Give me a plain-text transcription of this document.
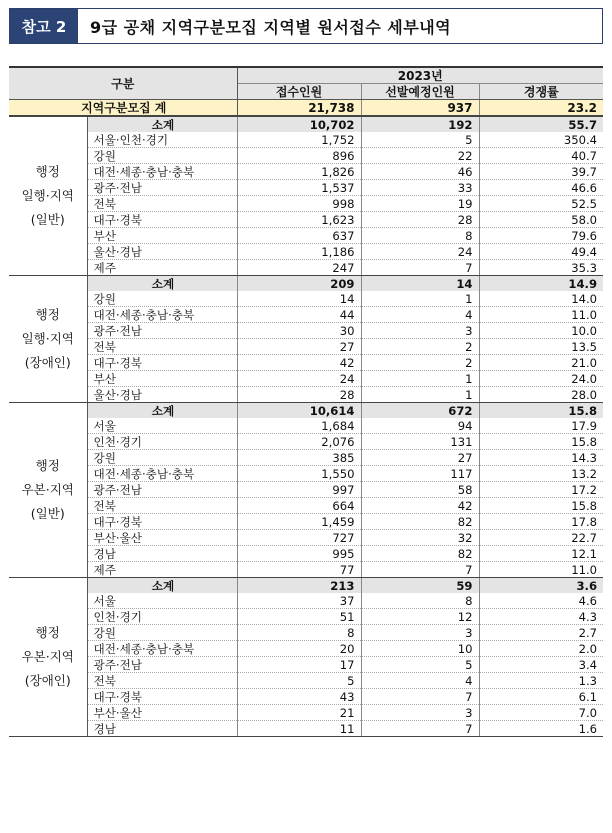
참고 2	9급 공채 지역구분모집 지역별 원서접수 세부내역
구분		2023년		
		접수인원	선발예정인원	경쟁률
지역구분모집 계		21,738	937	23.2

행정
일행·지역
(일반)	소계	10,702	192	55.7
	서울·인천·경기	1,752	5	350.4
	강원	896	22	40.7
	대전·세종·충남·충북	1,826	46	39.7
	광주·전남	1,537	33	46.6
	전북	998	19	52.5
	대구·경북	1,623	28	58.0
	부산	637	8	79.6
	울산·경남	1,186	24	49.4
	제주	247	7	35.3

행정
일행·지역
(장애인)	소계	209	14	14.9
	강원	14	1	14.0
	대전·세종·충남·충북	44	4	11.0
	광주·전남	30	3	10.0
	전북	27	2	13.5
	대구·경북	42	2	21.0
	부산	24	1	24.0
	울산·경남	28	1	28.0

행정
우본·지역
(일반)	소계	10,614	672	15.8
	서울	1,684	94	17.9
	인천·경기	2,076	131	15.8
	강원	385	27	14.3
	대전·세종·충남·충북	1,550	117	13.2
	광주·전남	997	58	17.2
	전북	664	42	15.8
	대구·경북	1,459	82	17.8
	부산·울산	727	32	22.7
	경남	995	82	12.1
	제주	77	7	11.0

행정
우본·지역
(장애인)	소계	213	59	3.6
	서울	37	8	4.6
	인천·경기	51	12	4.3
	강원	8	3	2.7
	대전·세종·충남·충북	20	10	2.0
	광주·전남	17	5	3.4
	전북	5	4	1.3
	대구·경북	43	7	6.1
	부산·울산	21	3	7.0
	경남	11	7	1.6
